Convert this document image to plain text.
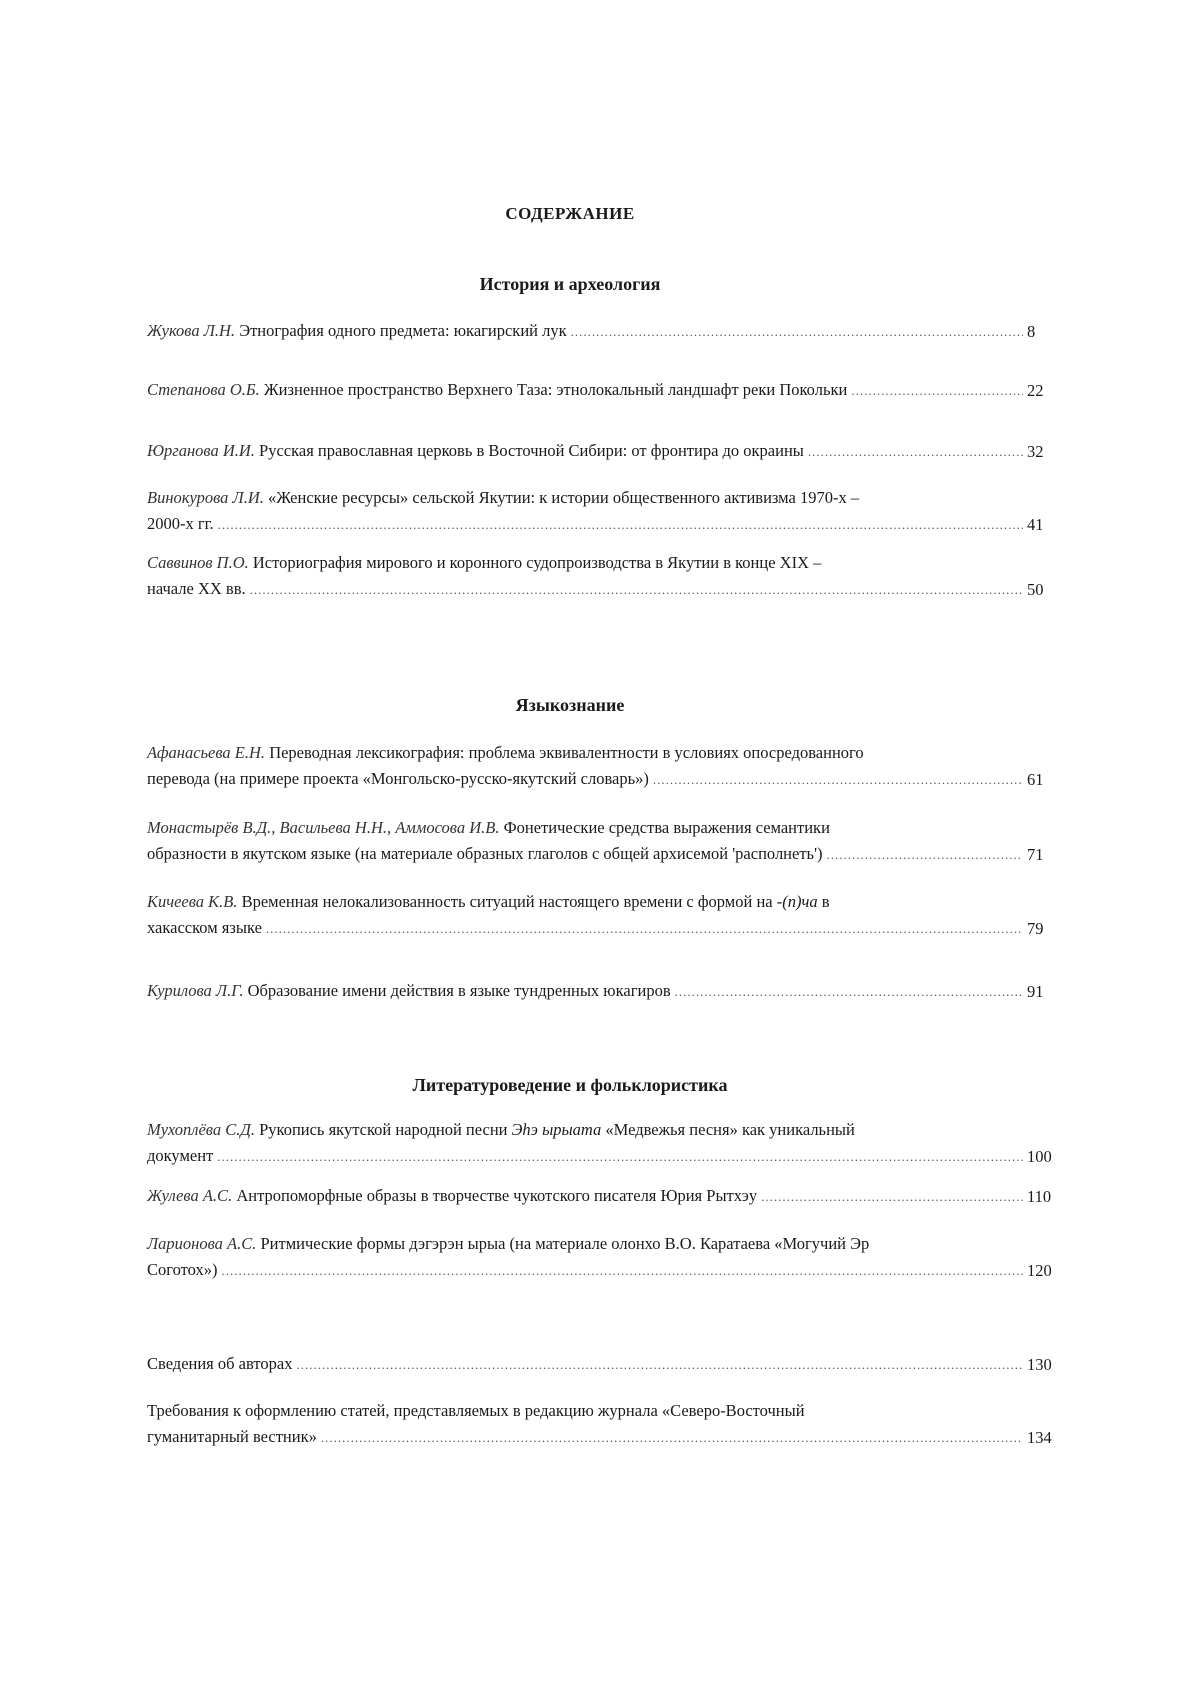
СОДЕРЖАНИЕ
История и археология
Жукова Л.Н. Этнография одного предмета: юкагирский лук .....	8
Степанова О.Б. Жизненное пространство Верхнего Таза: этнолокальный ландшафт реки Покольки .....	22
Юрганова И.И. Русская православная церковь в Восточной Сибири: от фронтира до окраины .....	32
Винокурова Л.И. «Женские ресурсы» сельской Якутии: к истории общественного активизма 1970-х –
2000-х гг. .....	41
Саввинов П.О. Историография мирового и коронного судопроизводства в Якутии в конце XIX –
начале XX вв. .....	50
Языкознание
Афанасьева Е.Н. Переводная лексикография: проблема эквивалентности в условиях опосредованного
перевода (на примере проекта «Монгольско-русско-якутский словарь») .....	61
Монастырёв В.Д., Васильева Н.Н., Аммосова И.В. Фонетические средства выражения семантики
образности в якутском языке (на материале образных глаголов с общей архисемой 'располнеть') .....	71
Кичеева К.В. Временная нелокализованность ситуаций настоящего времени с формой на -(п)ча в
хакасском языке .....	79
Курилова Л.Г. Образование имени действия в языке тундренных юкагиров .....	91
Литературоведение и фольклористика
Мухоплёва С.Д. Рукопись якутской народной песни Эhэ ырыата «Медвежья песня» как уникальный
документ .....	100
Жулева А.С. Антропоморфные образы в творчестве чукотского писателя Юрия Рытхэу .....	110
Ларионова А.С. Ритмические формы дэгэрэн ырыа (на материале олонхо В.О. Каратаева «Могучий Эр
Соготох») .....	120
Сведения об авторах .....	130
Требования к оформлению статей, представляемых в редакцию журнала «Северо-Восточный
гуманитарный вестник» .....	134
